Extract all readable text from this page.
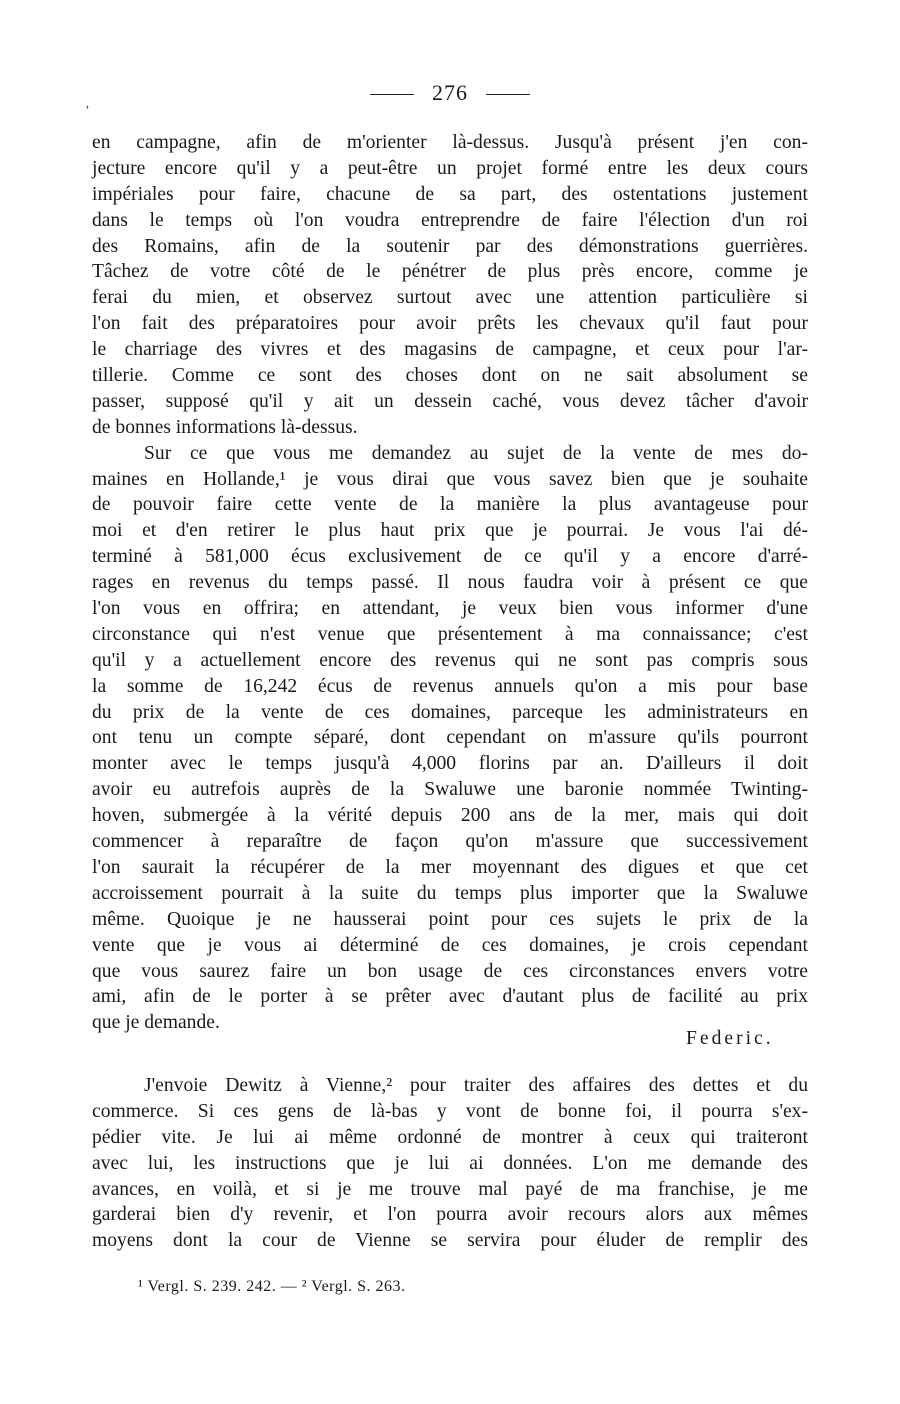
276
,
en campagne, afin de m'orienter là-dessus. Jusqu'à présent j'en con-
jecture encore qu'il y a peut-être un projet formé entre les deux cours
impériales pour faire, chacune de sa part, des ostentations justement
dans le temps où l'on voudra entreprendre de faire l'élection d'un roi
des Romains, afin de la soutenir par des démonstrations guerrières.
Tâchez de votre côté de le pénétrer de plus près encore, comme je
ferai du mien, et observez surtout avec une attention particulière si
l'on fait des préparatoires pour avoir prêts les chevaux qu'il faut pour
le charriage des vivres et des magasins de campagne, et ceux pour l'ar-
tillerie. Comme ce sont des choses dont on ne sait absolument se
passer, supposé qu'il y ait un dessein caché, vous devez tâcher d'avoir
de bonnes informations là-dessus.
Sur ce que vous me demandez au sujet de la vente de mes do-
maines en Hollande,¹ je vous dirai que vous savez bien que je souhaite
de pouvoir faire cette vente de la manière la plus avantageuse pour
moi et d'en retirer le plus haut prix que je pourrai. Je vous l'ai dé-
terminé à 581,000 écus exclusivement de ce qu'il y a encore d'arré-
rages en revenus du temps passé. Il nous faudra voir à présent ce que
l'on vous en offrira; en attendant, je veux bien vous informer d'une
circonstance qui n'est venue que présentement à ma connaissance; c'est
qu'il y a actuellement encore des revenus qui ne sont pas compris sous
la somme de 16,242 écus de revenus annuels qu'on a mis pour base
du prix de la vente de ces domaines, parceque les administrateurs en
ont tenu un compte séparé, dont cependant on m'assure qu'ils pourront
monter avec le temps jusqu'à 4,000 florins par an. D'ailleurs il doit
avoir eu autrefois auprès de la Swaluwe une baronie nommée Twinting-
hoven, submergée à la vérité depuis 200 ans de la mer, mais qui doit
commencer à reparaître de façon qu'on m'assure que successivement
l'on saurait la récupérer de la mer moyennant des digues et que cet
accroissement pourrait à la suite du temps plus importer que la Swaluwe
même. Quoique je ne hausserai point pour ces sujets le prix de la
vente que je vous ai déterminé de ces domaines, je crois cependant
que vous saurez faire un bon usage de ces circonstances envers votre
ami, afin de le porter à se prêter avec d'autant plus de facilité au prix
que je demande.
Federic.
J'envoie Dewitz à Vienne,² pour traiter des affaires des dettes et du
commerce. Si ces gens de là-bas y vont de bonne foi, il pourra s'ex-
pédier vite. Je lui ai même ordonné de montrer à ceux qui traiteront
avec lui, les instructions que je lui ai données. L'on me demande des
avances, en voilà, et si je me trouve mal payé de ma franchise, je me
garderai bien d'y revenir, et l'on pourra avoir recours alors aux mêmes
moyens dont la cour de Vienne se servira pour éluder de remplir des
¹ Vergl. S. 239. 242. — ² Vergl. S. 263.
